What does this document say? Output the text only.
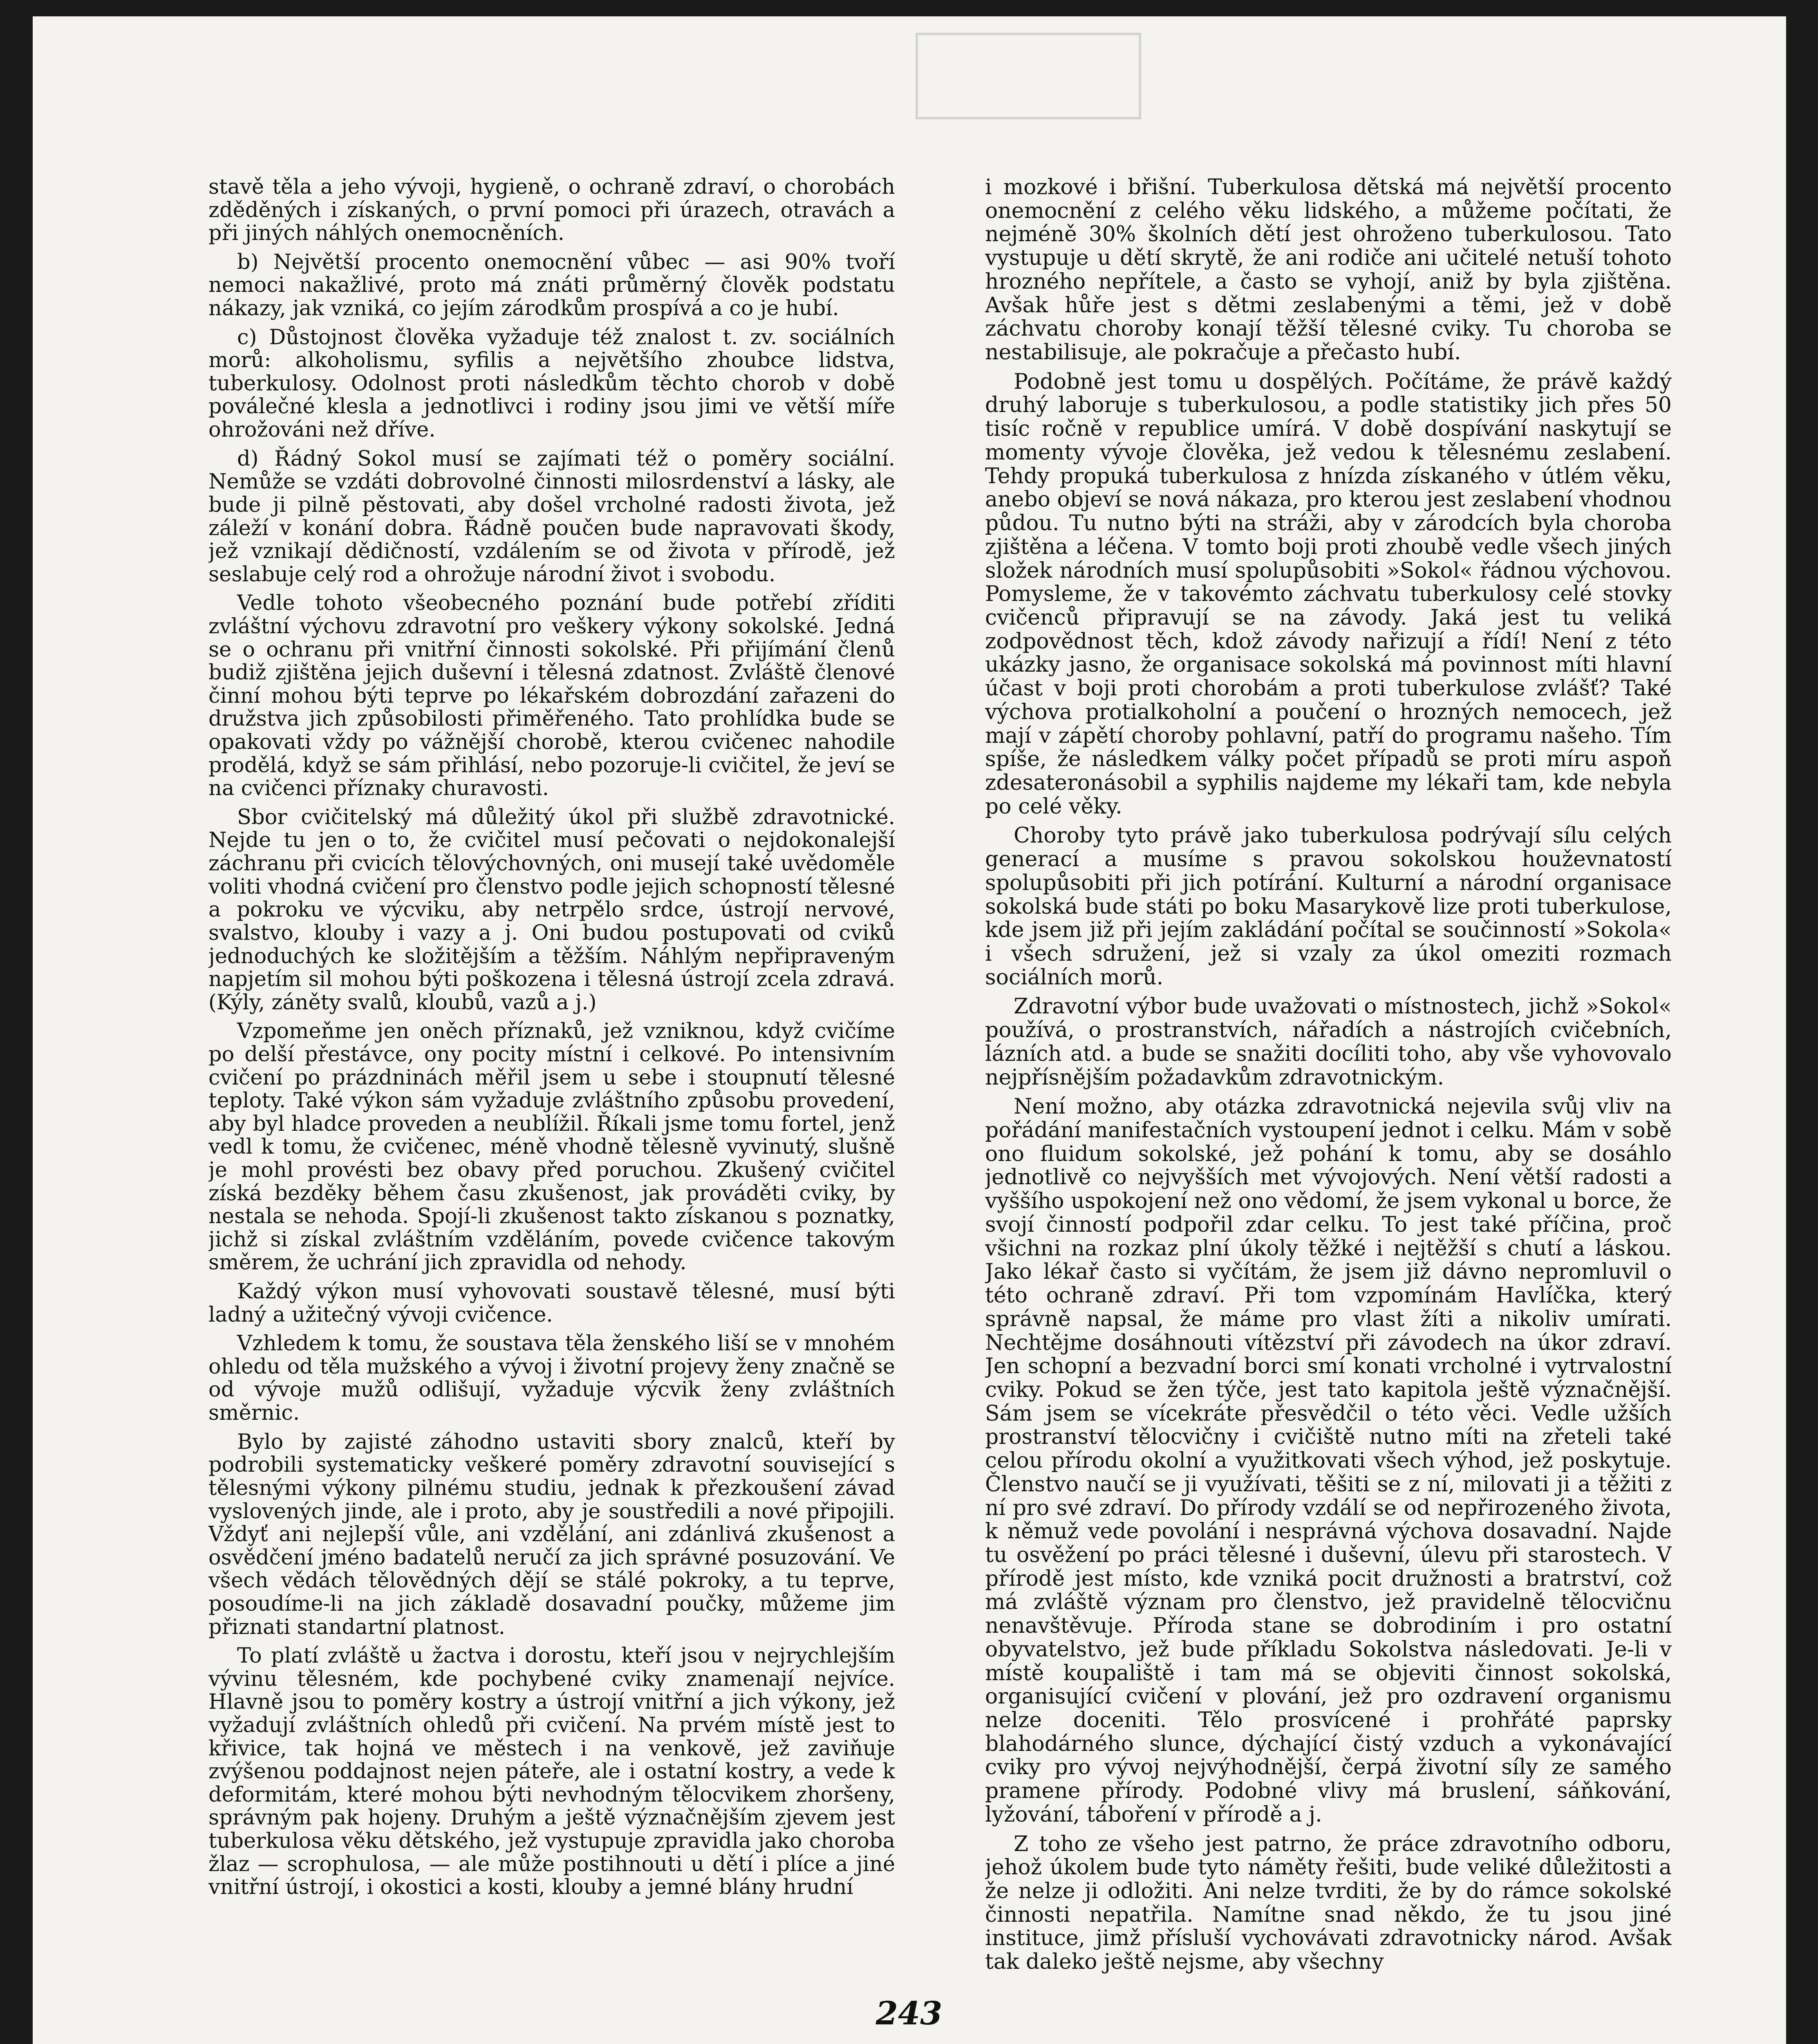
stavě těla a jeho vývoji, hygieně, o ochraně zdraví, o chorobách zděděných i získaných, o první pomoci při úrazech, otravách a při jiných náhlých onemocněních.

b) Největší procento onemocnění vůbec — asi 90% tvoří nemoci nakažlivé, proto má znáti průměrný člověk podstatu nákazy, jak vzniká, co jejím zárodkům prospívá a co je hubí.

c) Důstojnost člověka vyžaduje též znalost t. zv. sociálních morů: alkoholismu, syfilis a největšího zhoubce lidstva, tuberkulosy. Odolnost proti následkům těchto chorob v době poválečné klesla a jednotlivci i rodiny jsou jimi ve větší míře ohrožováni než dříve.

d) Řádný Sokol musí se zajímati též o poměry sociální. Nemůže se vzdáti dobrovolné činnosti milosrdenství a lásky, ale bude ji pilně pěstovati, aby došel vrcholné radosti života, jež záleží v konání dobra. Řádně poučen bude napravovati škody, jež vznikají dědičností, vzdálením se od života v přírodě, jež seslabuje celý rod a ohrožuje národní život i svobodu.

Vedle tohoto všeobecného poznání bude potřebí zříditi zvláštní výchovu zdravotní pro veškery výkony sokolské. Jedná se o ochranu při vnitřní činnosti sokolské. Při přijímání členů budiž zjištěna jejich duševní i tělesná zdatnost. Zvláště členové činní mohou býti teprve po lékařském dobrozdání zařazeni do družstva jich způsobilosti přiměřeného. Tato prohlídka bude se opakovati vždy po vážnější chorobě, kterou cvičenec nahodile prodělá, když se sám přihlásí, nebo pozoruje-li cvičitel, že jeví se na cvičenci příznaky churavosti.

Sbor cvičitelský má důležitý úkol při službě zdravotnické. Nejde tu jen o to, že cvičitel musí pečovati o nejdokonalejší záchranu při cvicích tělovýchovných, oni musejí také uvědoměle voliti vhodná cvičení pro členstvo podle jejich schopností tělesné a pokroku ve výcviku, aby netrpělo srdce, ústrojí nervové, svalstvo, klouby i vazy a j. Oni budou postupovati od cviků jednoduchých ke složitějším a těžším. Náhlým nepřipraveným napjetím sil mohou býti poškozena i tělesná ústrojí zcela zdravá. (Kýly, záněty svalů, kloubů, vazů a j.)

Vzpomeňme jen oněch příznaků, jež vzniknou, když cvičíme po delší přestávce, ony pocity místní i celkové. Po intensivním cvičení po prázdninách měřil jsem u sebe i stoupnutí tělesné teploty. Také výkon sám vyžaduje zvláštního způsobu provedení, aby byl hladce proveden a neublížil. Říkali jsme tomu fortel, jenž vedl k tomu, že cvičenec, méně vhodně tělesně vyvinutý, slušně je mohl provésti bez obavy před poruchou. Zkušený cvičitel získá bezděky během času zkušenost, jak prováděti cviky, by nestala se nehoda. Spojí-li zkušenost takto získanou s poznatky, jichž si získal zvláštním vzděláním, povede cvičence takovým směrem, že uchrání jich zpravidla od nehody.

Každý výkon musí vyhovovati soustavě tělesné, musí býti ladný a užitečný vývoji cvičence.

Vzhledem k tomu, že soustava těla ženského liší se v mnohém ohledu od těla mužského a vývoj i životní projevy ženy značně se od vývoje mužů odlišují, vyžaduje výcvik ženy zvláštních směrnic.

Bylo by zajisté záhodno ustaviti sbory znalců, kteří by podrobili systematicky veškeré poměry zdravotní související s tělesnými výkony pilnému studiu, jednak k přezkoušení závad vyslovených jinde, ale i proto, aby je soustředili a nové připojili. Vždyť ani nejlepší vůle, ani vzdělání, ani zdánlivá zkušenost a osvědčení jméno badatelů neručí za jich správné posuzování. Ve všech vědách tělovědných dějí se stálé pokroky, a tu teprve, posoudíme-li na jich základě dosavadní poučky, můžeme jim přiznati standartní platnost.

To platí zvláště u žactva i dorostu, kteří jsou v nejrychlejším vývinu tělesném, kde pochybené cviky znamenají nejvíce. Hlavně jsou to poměry kostry a ústrojí vnitřní a jich výkony, jež vyžadují zvláštních ohledů při cvičení. Na prvém místě jest to křivice, tak hojná ve městech i na venkově, jež zaviňuje zvýšenou poddajnost nejen páteře, ale i ostatní kostry, a vede k deformitám, které mohou býti nevhodným tělocvikem zhoršeny, správným pak hojeny. Druhým a ještě význačnějším zjevem jest tuberkulosa věku dětského, jež vystupuje zpravidla jako choroba žlaz — scrophulosa, — ale může postihnouti u dětí i plíce a jiné vnitřní ústrojí, i okostici a kosti, klouby a jemné blány hrudní

i mozkové i břišní. Tuberkulosa dětská má největší procento onemocnění z celého věku lidského, a můžeme počítati, že nejméně 30% školních dětí jest ohroženo tuberkulosou. Tato vystupuje u dětí skrytě, že ani rodiče ani učitelé netuší tohoto hrozného nepřítele, a často se vyhojí, aniž by byla zjištěna. Avšak hůře jest s dětmi zeslabenými a těmi, jež v době záchvatu choroby konají těžší tělesné cviky. Tu choroba se nestabilisuje, ale pokračuje a přečasto hubí.

Podobně jest tomu u dospělých. Počítáme, že právě každý druhý laboruje s tuberkulosou, a podle statistiky jich přes 50 tisíc ročně v republice umírá. V době dospívání naskytují se momenty vývoje člověka, jež vedou k tělesnému zeslabení. Tehdy propuká tuberkulosa z hnízda získaného v útlém věku, anebo objeví se nová nákaza, pro kterou jest zeslabení vhodnou půdou. Tu nutno býti na stráži, aby v zárodcích byla choroba zjištěna a léčena. V tomto boji proti zhoubě vedle všech jiných složek národních musí spolupůsobiti »Sokol« řádnou výchovou. Pomysleme, že v takovémto záchvatu tuberkulosy celé stovky cvičenců připravují se na závody. Jaká jest tu veliká zodpovědnost těch, kdož závody nařizují a řídí! Není z této ukázky jasno, že organisace sokolská má povinnost míti hlavní účast v boji proti chorobám a proti tuberkulose zvlášť? Také výchova protialkoholní a poučení o hrozných nemocech, jež mají v zápětí choroby pohlavní, patří do programu našeho. Tím spíše, že následkem války počet případů se proti míru aspoň zdesateronásobil a syphilis najdeme my lékaři tam, kde nebyla po celé věky.

Choroby tyto právě jako tuberkulosa podrývají sílu celých generací a musíme s pravou sokolskou houževnatostí spolupůsobiti při jich potírání. Kulturní a národní organisace sokolská bude státi po boku Masarykově lize proti tuberkulose, kde jsem již při jejím zakládání počítal se součinností »Sokola« i všech sdružení, jež si vzaly za úkol omeziti rozmach sociálních morů.

Zdravotní výbor bude uvažovati o místnostech, jichž »Sokol« používá, o prostranstvích, nářadích a nástrojích cvičebních, lázních atd. a bude se snažiti docíliti toho, aby vše vyhovovalo nejpřísnějším požadavkům zdravotnickým.

Není možno, aby otázka zdravotnická nejevila svůj vliv na pořádání manifestačních vystoupení jednot i celku. Mám v sobě ono fluidum sokolské, jež pohání k tomu, aby se dosáhlo jednotlivě co nejvyšších met vývojových. Není větší radosti a vyššího uspokojení než ono vědomí, že jsem vykonal u borce, že svojí činností podpořil zdar celku. To jest také příčina, proč všichni na rozkaz plní úkoly těžké i nejtěžší s chutí a láskou. Jako lékař často si vyčítám, že jsem již dávno nepromluvil o této ochraně zdraví. Při tom vzpomínám Havlíčka, který správně napsal, že máme pro vlast žíti a nikoliv umírati. Nechtějme dosáhnouti vítězství při závodech na úkor zdraví. Jen schopní a bezvadní borci smí konati vrcholné i vytrvalostní cviky. Pokud se žen týče, jest tato kapitola ještě význačnější. Sám jsem se vícekráte přesvědčil o této věci. Vedle užších prostranství tělocvičny i cvičiště nutno míti na zřeteli také celou přírodu okolní a využitkovati všech výhod, jež poskytuje. Členstvo naučí se ji využívati, těšiti se z ní, milovati ji a těžiti z ní pro své zdraví. Do přírody vzdálí se od nepřirozeného života, k němuž vede povolání i nesprávná výchova dosavadní. Najde tu osvěžení po práci tělesné i duševní, úlevu při starostech. V přírodě jest místo, kde vzniká pocit družnosti a bratrství, což má zvláště význam pro členstvo, jež pravidelně tělocvičnu nenavštěvuje. Příroda stane se dobrodiním i pro ostatní obyvatelstvo, jež bude příkladu Sokolstva následovati. Je-li v místě koupaliště i tam má se objeviti činnost sokolská, organisující cvičení v plování, jež pro ozdravení organismu nelze doceniti. Tělo prosvícené i prohřáté paprsky blahodárného slunce, dýchající čistý vzduch a vykonávající cviky pro vývoj nejvýhodnější, čerpá životní síly ze samého pramene přírody. Podobné vlivy má bruslení, sáňkování, lyžování, táboření v přírodě a j.

Z toho ze všeho jest patrno, že práce zdravotního odboru, jehož úkolem bude tyto náměty řešiti, bude veliké důležitosti a že nelze ji odložiti. Ani nelze tvrditi, že by do rámce sokolské činnosti nepatřila. Namítne snad někdo, že tu jsou jiné instituce, jimž přísluší vychovávati zdravotnicky národ. Avšak tak daleko ještě nejsme, aby všechny

243
